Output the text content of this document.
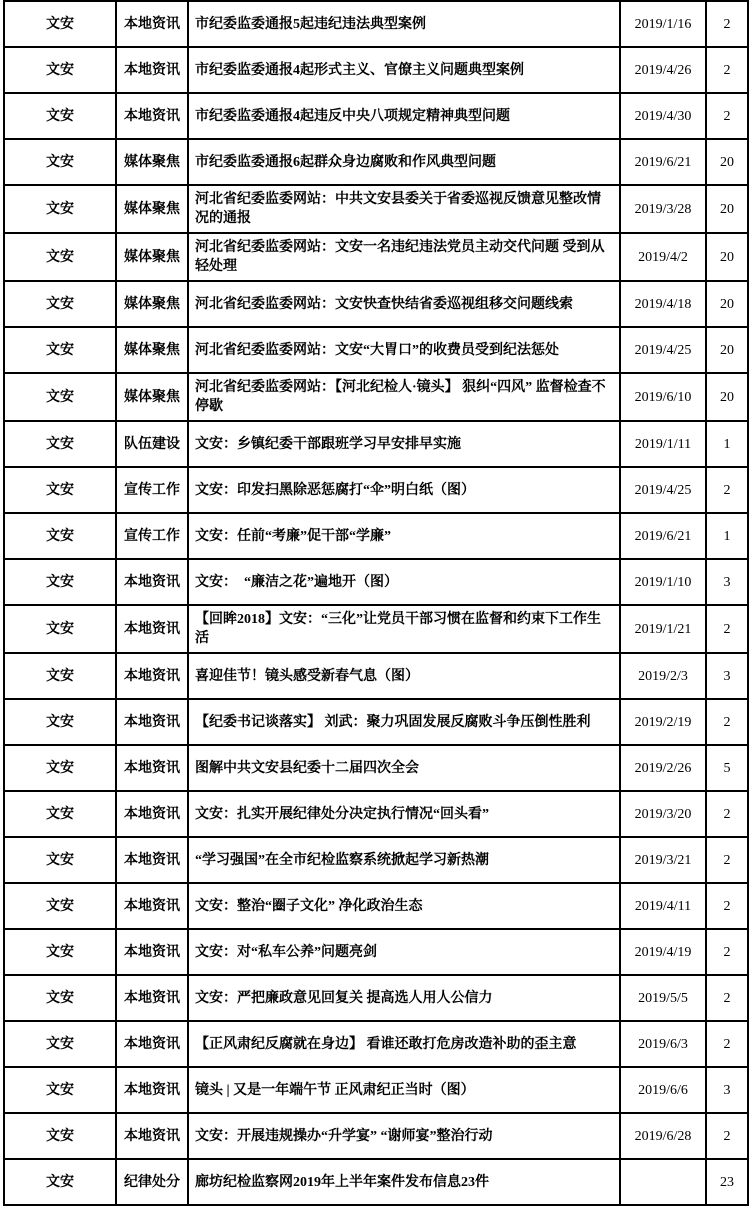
文安	本地资讯	市纪委监委通报5起违纪违法典型案例	2019/1/16	2
文安	本地资讯	市纪委监委通报4起形式主义、官僚主义问题典型案例	2019/4/26	2
文安	本地资讯	市纪委监委通报4起违反中央八项规定精神典型问题	2019/4/30	2
文安	媒体聚焦	市纪委监委通报6起群众身边腐败和作风典型问题	2019/6/21	20
文安	媒体聚焦	河北省纪委监委网站：中共文安县委关于省委巡视反馈意见整改情况的通报	2019/3/28	20
文安	媒体聚焦	河北省纪委监委网站：文安一名违纪违法党员主动交代问题 受到从轻处理	2019/4/2	20
文安	媒体聚焦	河北省纪委监委网站：文安快查快结省委巡视组移交问题线索	2019/4/18	20
文安	媒体聚焦	河北省纪委监委网站：文安“大胃口”的收费员受到纪法惩处	2019/4/25	20
文安	媒体聚焦	河北省纪委监委网站：【河北纪检人·镜头】 狠纠“四风” 监督检查不停歇	2019/6/10	20
文安	队伍建设	文安：乡镇纪委干部跟班学习早安排早实施	2019/1/11	1
文安	宣传工作	文安：印发扫黑除恶惩腐打“伞”明白纸（图）	2019/4/25	2
文安	宣传工作	文安：任前“考廉”促干部“学廉”	2019/6/21	1
文安	本地资讯	文安：　“廉洁之花”遍地开（图）	2019/1/10	3
文安	本地资讯	【回眸2018】文安：“三化”让党员干部习惯在监督和约束下工作生活	2019/1/21	2
文安	本地资讯	喜迎佳节！镜头感受新春气息（图）	2019/2/3	3
文安	本地资讯	【纪委书记谈落实】 刘武：聚力巩固发展反腐败斗争压倒性胜利	2019/2/19	2
文安	本地资讯	图解中共文安县纪委十二届四次全会	2019/2/26	5
文安	本地资讯	文安：扎实开展纪律处分决定执行情况“回头看”	2019/3/20	2
文安	本地资讯	“学习强国”在全市纪检监察系统掀起学习新热潮	2019/3/21	2
文安	本地资讯	文安：整治“圈子文化” 净化政治生态	2019/4/11	2
文安	本地资讯	文安：对“私车公养”问题亮剑	2019/4/19	2
文安	本地资讯	文安：严把廉政意见回复关 提高选人用人公信力	2019/5/5	2
文安	本地资讯	【正风肃纪反腐就在身边】 看谁还敢打危房改造补助的歪主意	2019/6/3	2
文安	本地资讯	镜头 | 又是一年端午节 正风肃纪正当时（图）	2019/6/6	3
文安	本地资讯	文安：开展违规操办“升学宴” “谢师宴”整治行动	2019/6/28	2
文安	纪律处分	廊坊纪检监察网2019年上半年案件发布信息23件		23
